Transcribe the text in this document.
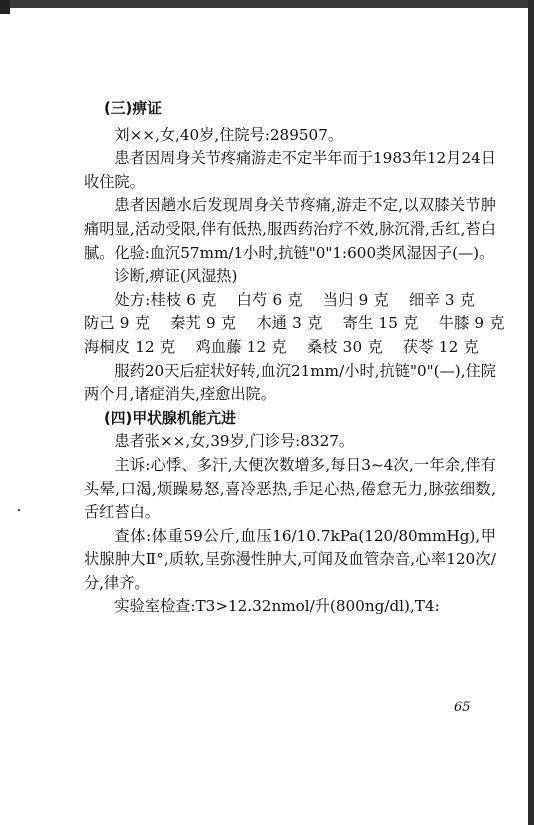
(三)痹证

刘××,女,40岁,住院号:289507。

患者因周身关节疼痛游走不定半年而于1983年12月24日收住院。

患者因趟水后发现周身关节疼痛,游走不定,以双膝关节肿痛明显,活动受限,伴有低热,服西药治疗不效,脉沉滑,舌红,苔白腻。化验:血沉57mm/1小时,抗链"0"1:600类风湿因子(—)。

诊断,痹证(风湿热)

处方:桂枝 6 克    白芍 6 克    当归 9 克    细辛 3 克

防己 9 克    秦艽 9 克    木通 3 克    寄生 15 克    牛膝 9 克

海桐皮 12 克    鸡血藤 12 克    桑枝 30 克    茯苓 12 克

服药20天后症状好转,血沉21mm/小时,抗链"0"(—),住院两个月,诸症消失,痊愈出院。

(四)甲状腺机能亢进

患者张××,女,39岁,门诊号:8327。

主诉:心悸、多汗,大便次数增多,每日3~4次,一年余,伴有头晕,口渴,烦躁易怒,喜冷恶热,手足心热,倦怠无力,脉弦细数,舌红苔白。

查体:体重59公斤,血压16/10.7kPa(120/80mmHg),甲状腺肿大Ⅱ°,质软,呈弥漫性肿大,可闻及血管杂音,心率120次/分,律齐。

实验室检查:T3>12.32nmol/升(800ng/dl),T4:

65
